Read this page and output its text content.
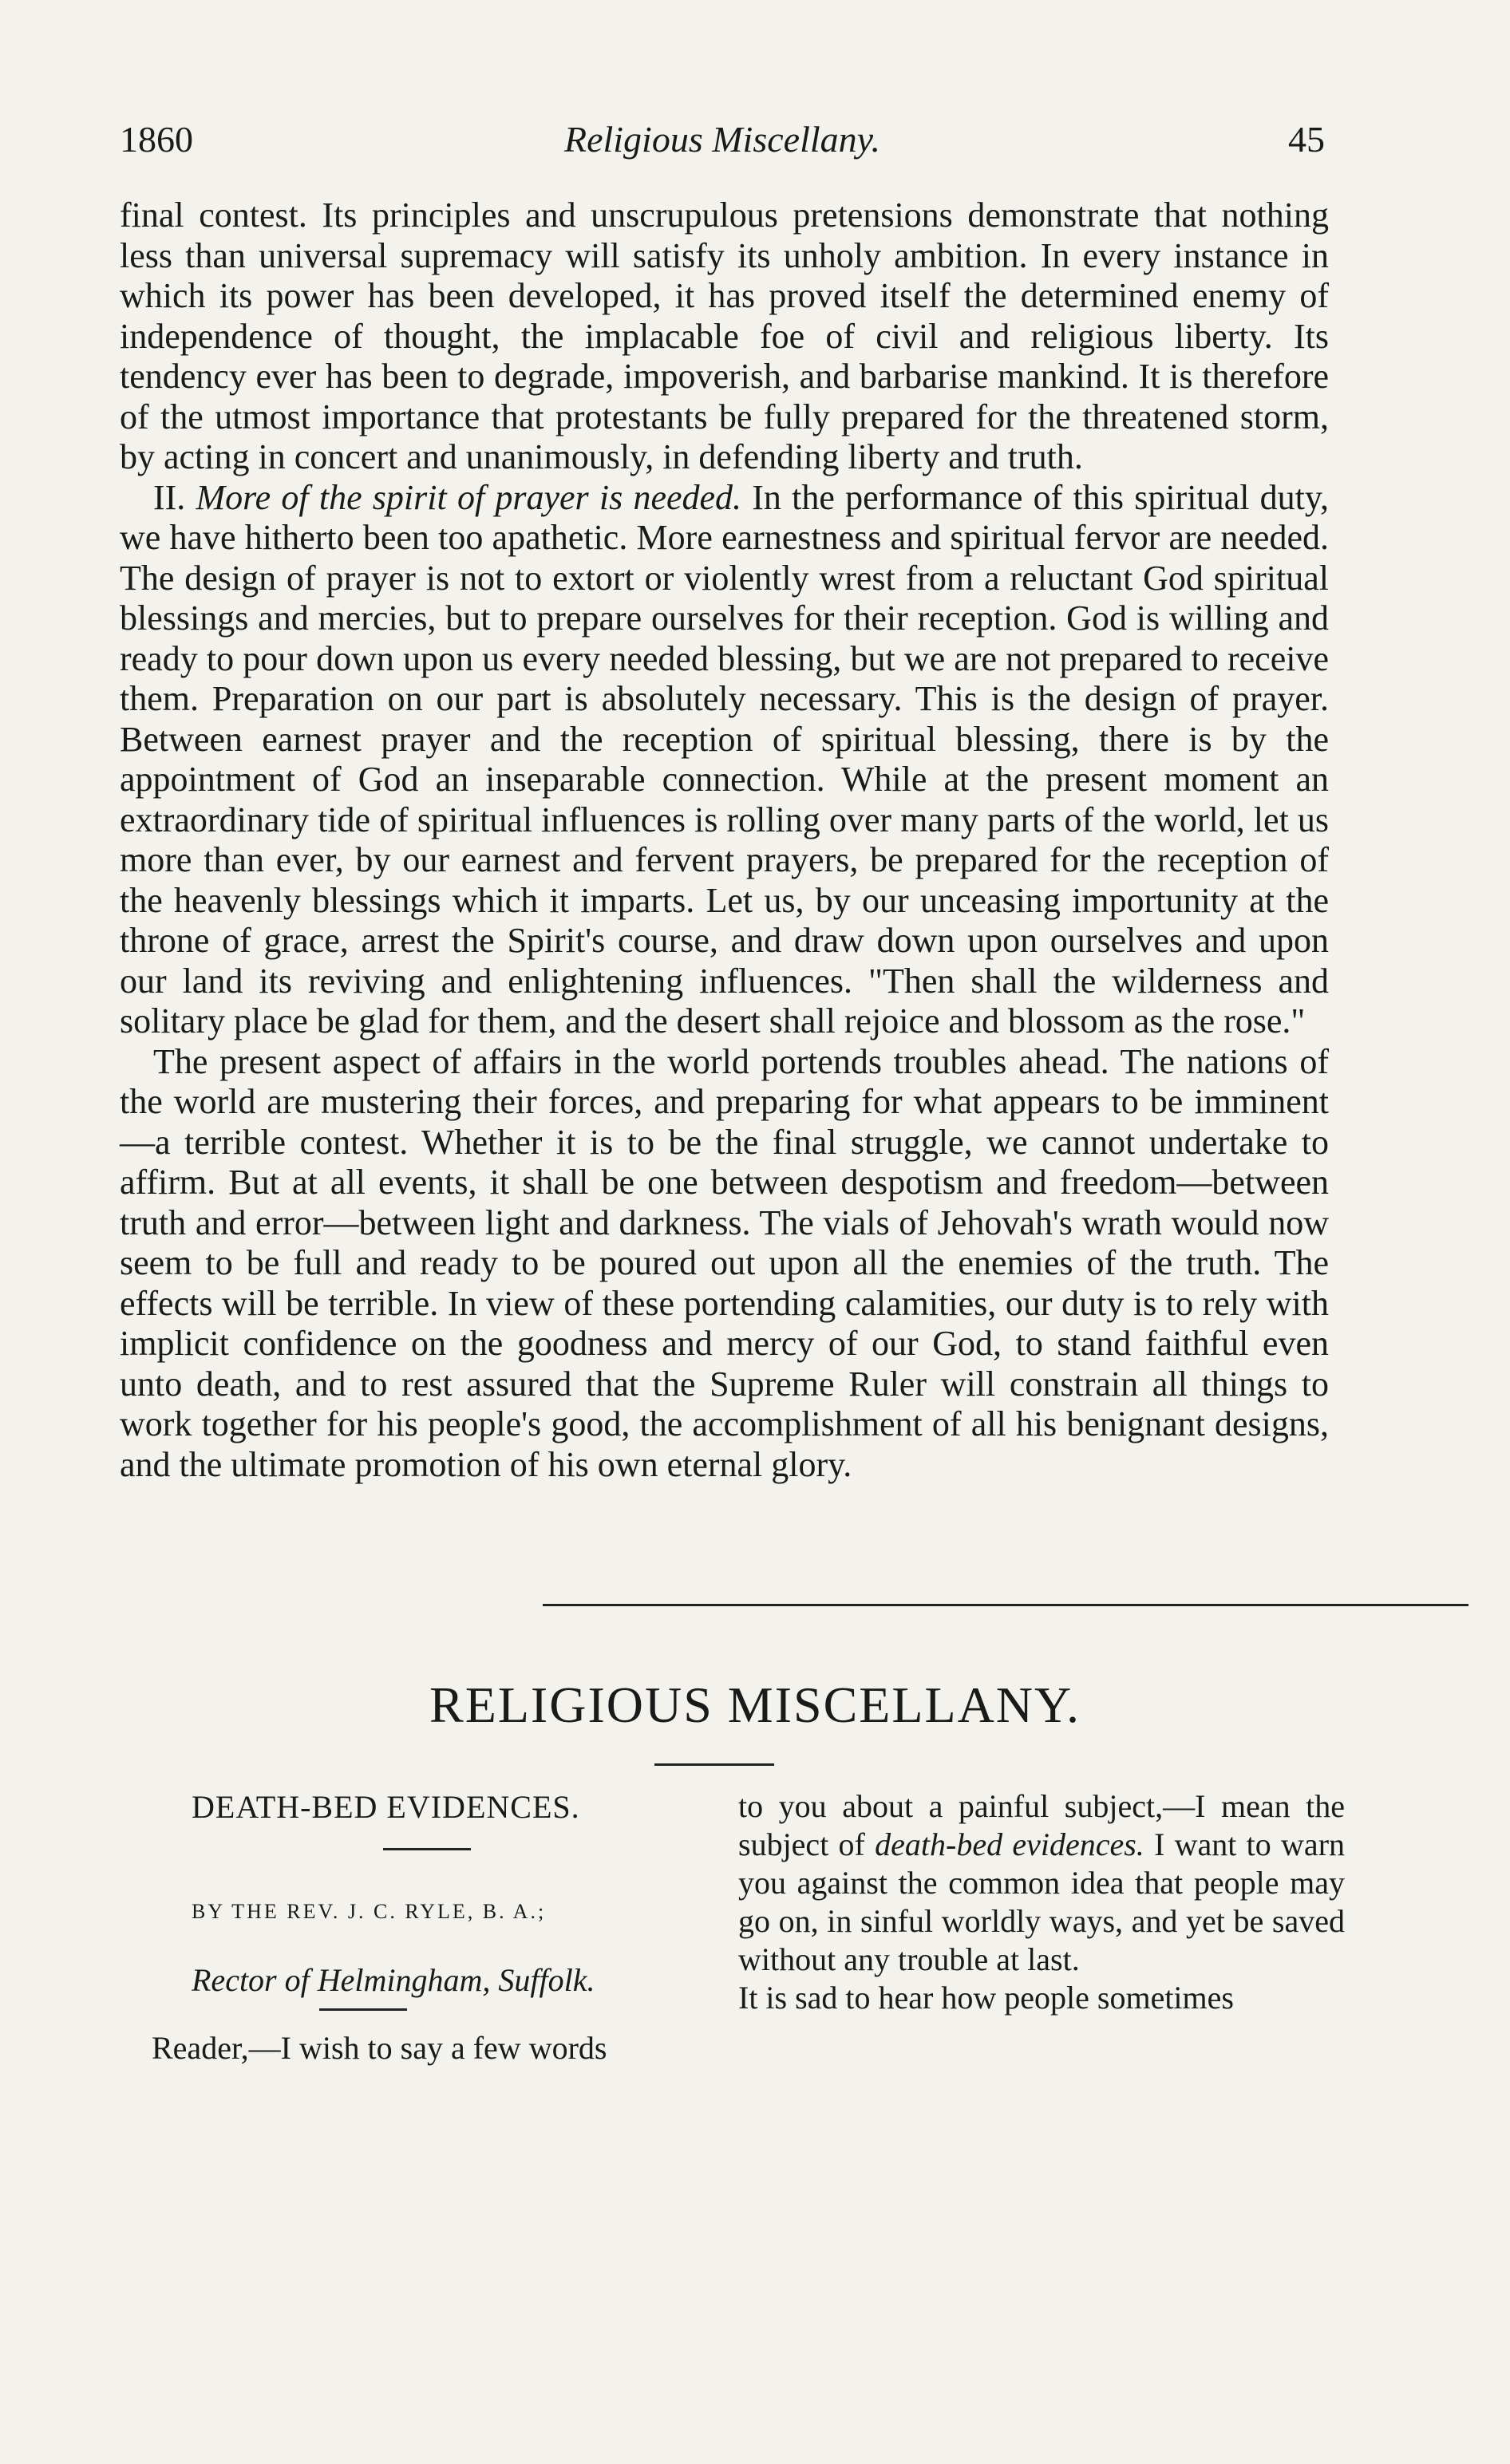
1860	Religious Miscellany.	45

final contest. Its principles and unscrupulous pretensions demonstrate that nothing less than universal supremacy will satisfy its unholy ambition. In every instance in which its power has been developed, it has proved itself the determined enemy of independence of thought, the implacable foe of civil and religious liberty. Its tendency ever has been to degrade, impoverish, and barbarise mankind. It is therefore of the utmost importance that protestants be fully prepared for the threatened storm, by acting in concert and unanimously, in defending liberty and truth.

II. More of the spirit of prayer is needed. In the performance of this spiritual duty, we have hitherto been too apathetic. More earnestness and spiritual fervor are needed. The design of prayer is not to extort or violently wrest from a reluctant God spiritual blessings and mercies, but to prepare ourselves for their reception. God is willing and ready to pour down upon us every needed blessing, but we are not prepared to receive them. Preparation on our part is absolutely necessary. This is the design of prayer. Between earnest prayer and the reception of spiritual blessing, there is by the appointment of God an inseparable connection. While at the present moment an extraordinary tide of spiritual influences is rolling over many parts of the world, let us more than ever, by our earnest and fervent prayers, be prepared for the reception of the heavenly blessings which it imparts. Let us, by our unceasing importunity at the throne of grace, arrest the Spirit's course, and draw down upon ourselves and upon our land its reviving and enlightening influences. "Then shall the wilderness and solitary place be glad for them, and the desert shall rejoice and blossom as the rose."

The present aspect of affairs in the world portends troubles ahead. The nations of the world are mustering their forces, and preparing for what appears to be imminent—a terrible contest. Whether it is to be the final struggle, we cannot undertake to affirm. But at all events, it shall be one between despotism and freedom—between truth and error—between light and darkness. The vials of Jehovah's wrath would now seem to be full and ready to be poured out upon all the enemies of the truth. The effects will be terrible. In view of these portending calamities, our duty is to rely with implicit confidence on the goodness and mercy of our God, to stand faithful even unto death, and to rest assured that the Supreme Ruler will constrain all things to work together for his people's good, the accomplishment of all his benignant designs, and the ultimate promotion of his own eternal glory.

RELIGIOUS MISCELLANY.
DEATH-BED EVIDENCES.
BY THE REV. J. C. RYLE, B. A.;
Rector of Helmingham, Suffolk.
Reader,—I wish to say a few words

to you about a painful subject,—I mean the subject of death-bed evidences. I want to warn you against the common idea that people may go on, in sinful worldly ways, and yet be saved without any trouble at last.

It is sad to hear how people sometimes
